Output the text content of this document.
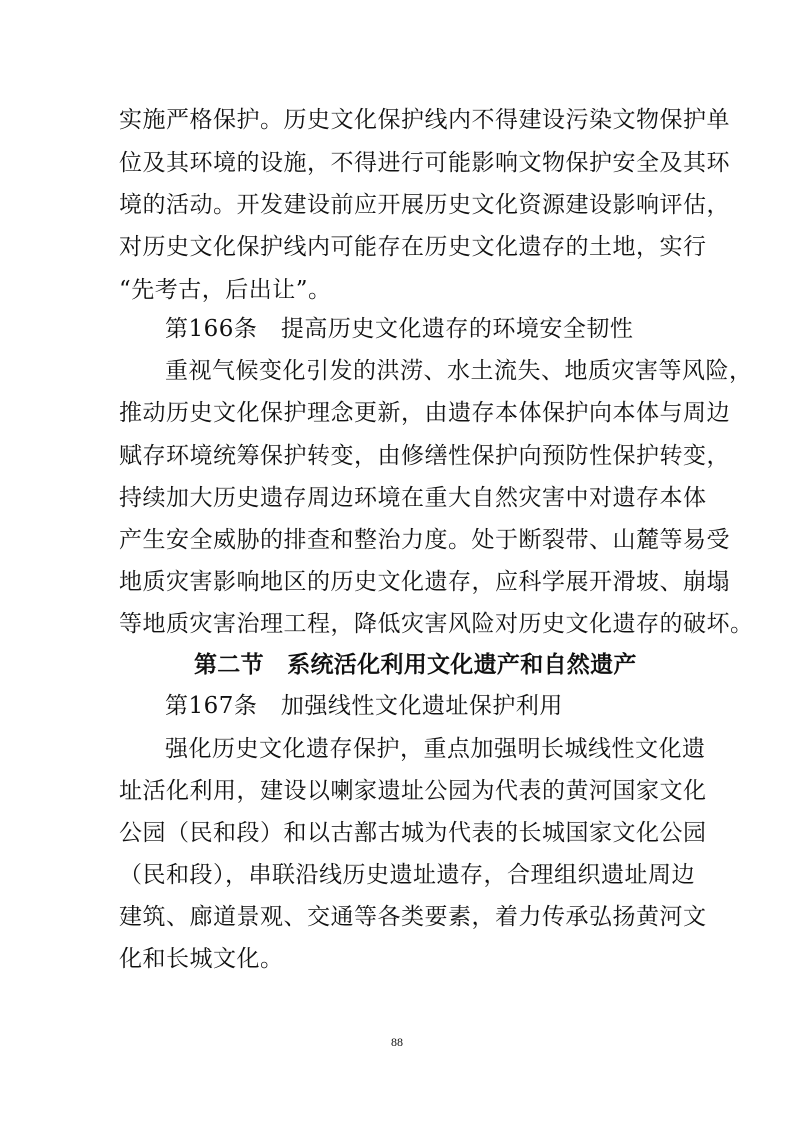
实施严格保护。历史文化保护线内不得建设污染文物保护单
位及其环境的设施，不得进行可能影响文物保护安全及其环
境的活动。开发建设前应开展历史文化资源建设影响评估，
对历史文化保护线内可能存在历史文化遗存的土地，实行
“先考古，后出让”。
第166条　提高历史文化遗存的环境安全韧性
重视气候变化引发的洪涝、水土流失、地质灾害等风险，
推动历史文化保护理念更新，由遗存本体保护向本体与周边
赋存环境统筹保护转变，由修缮性保护向预防性保护转变，
持续加大历史遗存周边环境在重大自然灾害中对遗存本体
产生安全威胁的排查和整治力度。处于断裂带、山麓等易受
地质灾害影响地区的历史文化遗存，应科学展开滑坡、崩塌
等地质灾害治理工程，降低灾害风险对历史文化遗存的破坏。
第二节　系统活化利用文化遗产和自然遗产
第167条　加强线性文化遗址保护利用
强化历史文化遗存保护，重点加强明长城线性文化遗
址活化利用，建设以喇家遗址公园为代表的黄河国家文化
公园（民和段）和以古鄯古城为代表的长城国家文化公园
（民和段），串联沿线历史遗址遗存，合理组织遗址周边
建筑、廊道景观、交通等各类要素，着力传承弘扬黄河文
化和长城文化。
88
